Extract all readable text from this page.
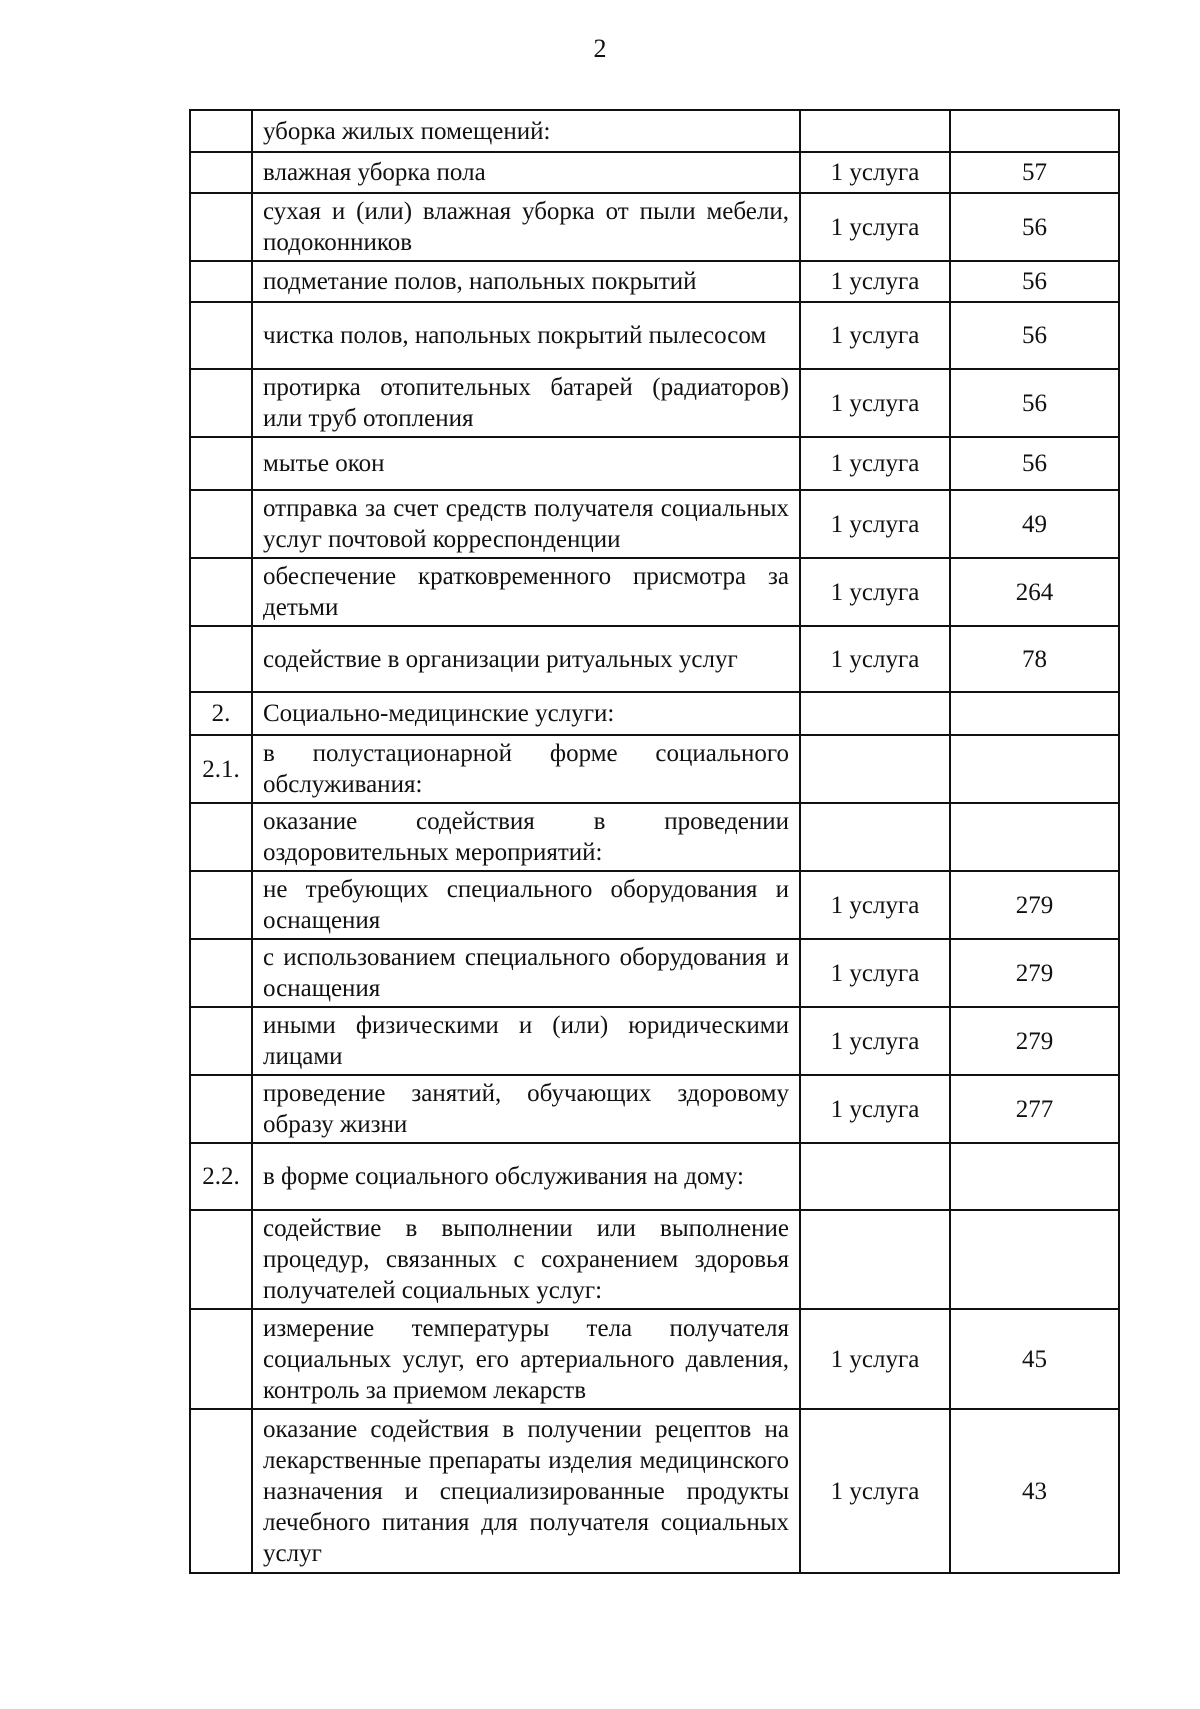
2
	уборка жилых помещений:		
	влажная уборка пола	1 услуга	57
	сухая и (или) влажная уборка от пыли мебели, подоконников	1 услуга	56
	подметание полов, напольных покрытий	1 услуга	56
	чистка полов, напольных покрытий пылесосом	1 услуга	56
	протирка отопительных батарей (радиаторов) или труб отопления	1 услуга	56
	мытье окон	1 услуга	56
	отправка за счет средств получателя социальных услуг почтовой корреспонденции	1 услуга	49
	обеспечение кратковременного присмотра за детьми	1 услуга	264
	содействие в организации ритуальных услуг	1 услуга	78
2.	Социально-медицинские услуги:		
2.1.	в полустационарной форме социального обслуживания:		
	оказание содействия в проведении оздоровительных мероприятий:		
	не требующих специального оборудования и оснащения	1 услуга	279
	с использованием специального оборудования и оснащения	1 услуга	279
	иными физическими и (или) юридическими лицами	1 услуга	279
	проведение занятий, обучающих здоровому образу жизни	1 услуга	277
2.2.	в форме социального обслуживания на дому:		
	содействие в выполнении или выполнение процедур, связанных с сохранением здоровья получателей социальных услуг:		
	измерение температуры тела получателя социальных услуг, его артериального давления, контроль за приемом лекарств	1 услуга	45
	оказание содействия в получении рецептов на лекарственные препараты изделия медицинского назначения и специализированные продукты лечебного питания для получателя социальных услуг	1 услуга	43
